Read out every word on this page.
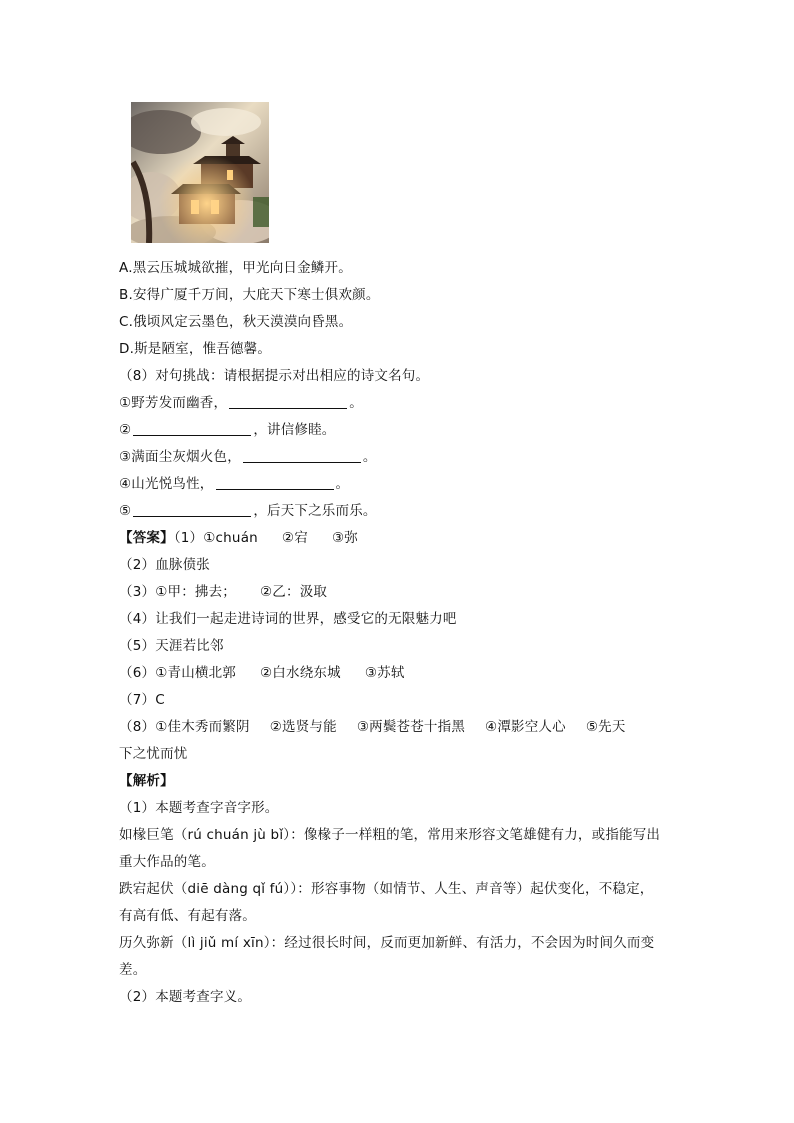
A.黑云压城城欲摧，甲光向日金鳞开。
B.安得广厦千万间，大庇天下寒士俱欢颜。
C.俄顷风定云墨色，秋天漠漠向昏黑。
D.斯是陋室，惟吾德馨。
（8）对句挑战：请根据提示对出相应的诗文名句。
①野芳发而幽香，	。
②	，讲信修睦。
③满面尘灰烟火色，	。
④山光悦鸟性，	。
⑤	，后天下之乐而乐。
【答案】（1）①chuán ②宕 ③弥
（2）血脉偾张
（3）①甲：拂去； ②乙：汲取
（4）让我们一起走进诗词的世界，感受它的无限魅力吧
（5）天涯若比邻
（6）①青山横北郭 ②白水绕东城 ③苏轼
（7）C
（8）①佳木秀而繁阴 ②选贤与能 ③两鬓苍苍十指黑 ④潭影空人心 ⑤先天
下之忧而忧
【解析】
（1）本题考查字音字形。
如椽巨笔（rú chuán jù bǐ）：像椽子一样粗的笔，常用来形容文笔雄健有力，或指能写出
重大作品的笔。
跌宕起伏（diē dàng qǐ fú））：形容事物（如情节、人生、声音等）起伏变化，不稳定，
有高有低、有起有落。
历久弥新（lì jiǔ mí xīn）：经过很长时间，反而更加新鲜、有活力，不会因为时间久而变
差。
（2）本题考查字义。
